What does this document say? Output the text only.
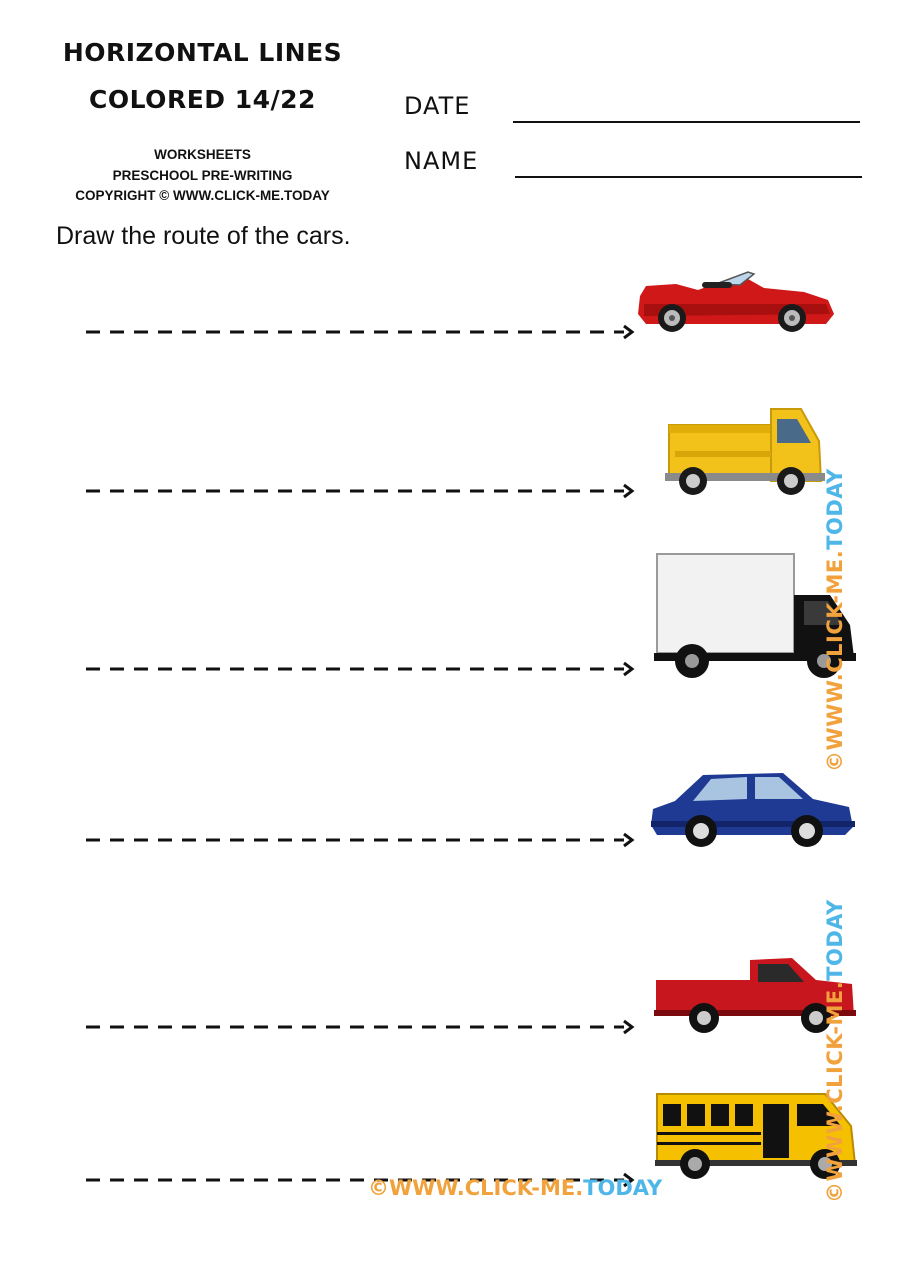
HORIZONTAL LINES
COLORED 14/22
WORKSHEETS
PRESCHOOL PRE-WRITING
COPYRIGHT © WWW.CLICK-ME.TODAY
DATE
NAME
Draw the route of the cars.
©WWW.CLICK-ME.TODAY
©WWW.CLICK-ME.TODAY
©WWW.CLICK-ME.TODAY
